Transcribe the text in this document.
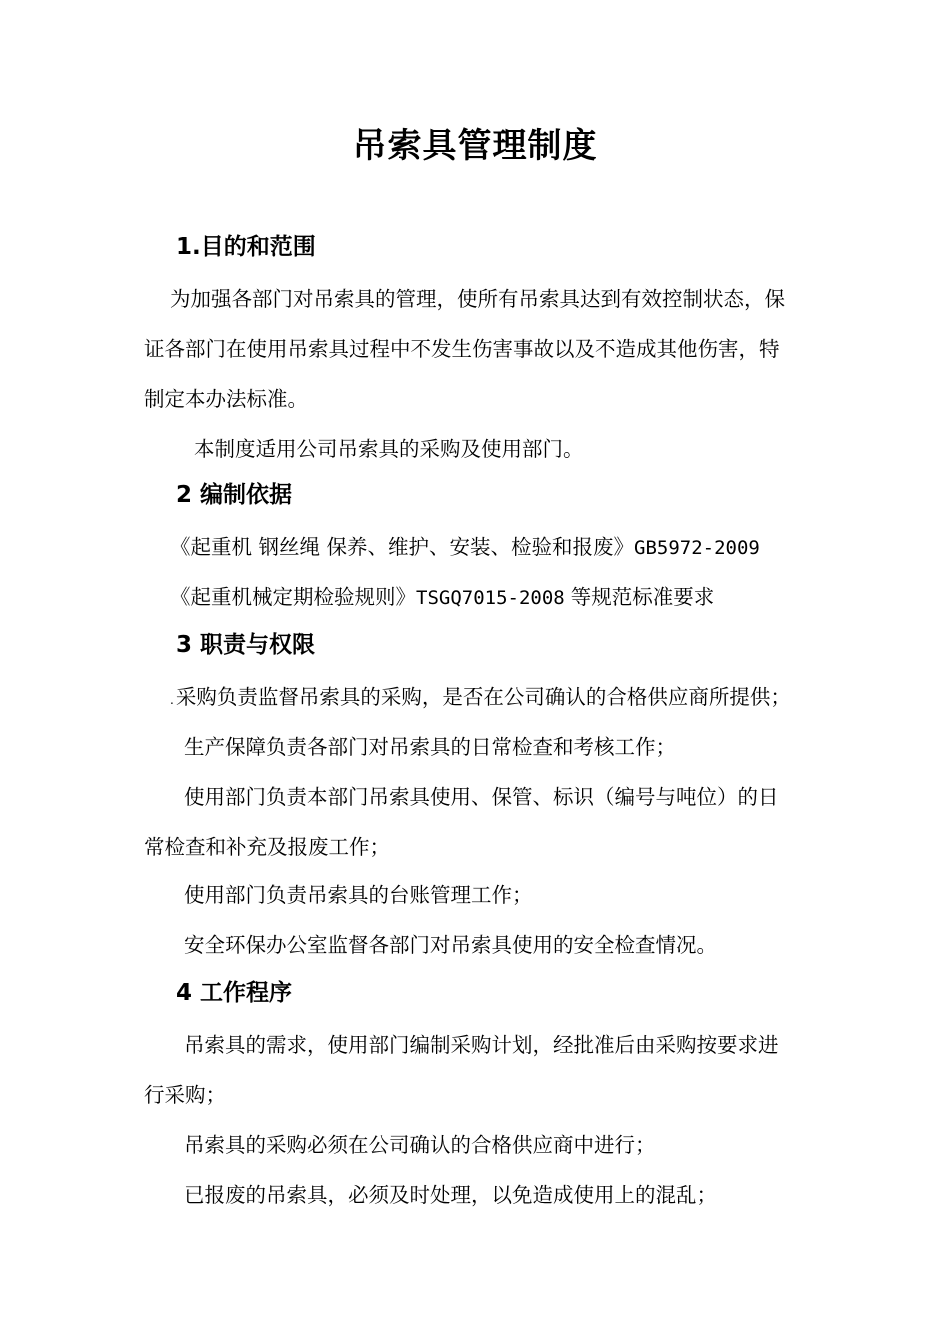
吊索具管理制度
1.目的和范围

为加强各部门对吊索具的管理，使所有吊索具达到有效控制状态，保

证各部门在使用吊索具过程中不发生伤害事故以及不造成其他伤害，特

制定本办法标准。

本制度适用公司吊索具的采购及使用部门。

2 编制依据

《起重机 钢丝绳 保养、维护、安装、检验和报废》GB5972-2009

《起重机械定期检验规则》TSGQ7015-2008 等规范标准要求

3 职责与权限

.采购负责监督吊索具的采购，是否在公司确认的合格供应商所提供；

生产保障负责各部门对吊索具的日常检查和考核工作；

使用部门负责本部门吊索具使用、保管、标识（编号与吨位）的日

常检查和补充及报废工作；

使用部门负责吊索具的台账管理工作；

安全环保办公室监督各部门对吊索具使用的安全检查情况。

4 工作程序

吊索具的需求，使用部门编制采购计划，经批准后由采购按要求进

行采购；

吊索具的采购必须在公司确认的合格供应商中进行；

已报废的吊索具，必须及时处理，以免造成使用上的混乱；
